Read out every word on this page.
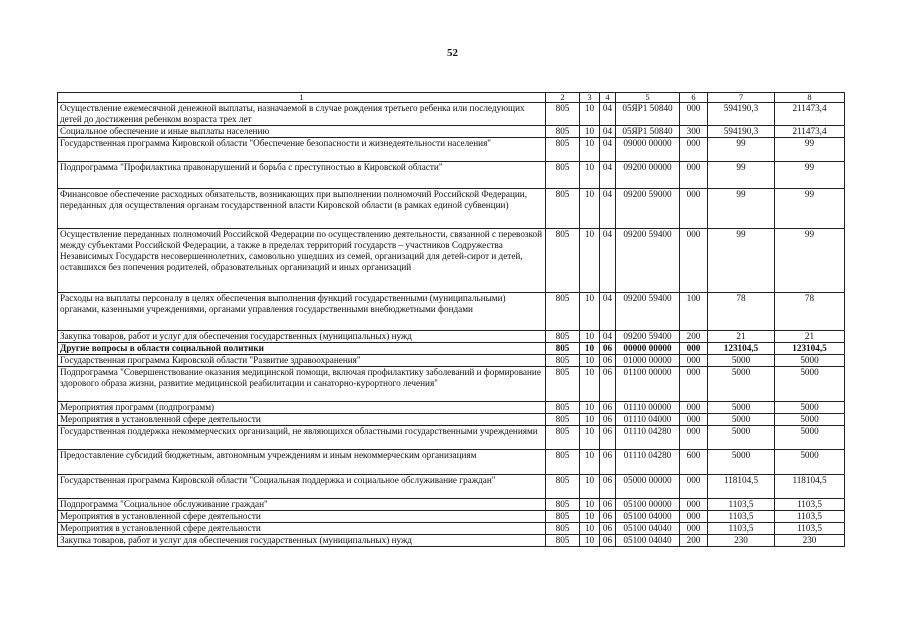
52
1	2	3	4	5	6	7	8
Осуществление ежемесячной денежной выплаты, назначаемой в случае рождения третьего ребенка или последующих детей до достижения ребенком возраста трех лет	805	10	04	05ЯР1 50840	000	594190,3	211473,4
Социальное обеспечение и иные выплаты населению	805	10	04	05ЯР1 50840	300	594190,3	211473,4
Государственная программа Кировской области "Обеспечение безопасности и жизнедеятельности населения"	805	10	04	09000 00000	000	99	99
Подпрограмма "Профилактика правонарушений и борьба с преступностью в Кировской области"	805	10	04	09200 00000	000	99	99
Финансовое обеспечение расходных обязательств, возникающих при выполнении полномочий Российской Федерации, переданных для осуществления органам государственной власти Кировской области (в рамках единой субвенции)	805	10	04	09200 59000	000	99	99
Осуществление переданных полномочий Российской Федерации по осуществлению деятельности, связанной с перевозкой между субъектами Российской Федерации, а также в пределах территорий государств – участников Содружества Независимых Государств несовершеннолетних, самовольно ушедших из семей, организаций для детей-сирот и детей, оставшихся без попечения родителей, образовательных организаций и иных организаций	805	10	04	09200 59400	000	99	99
Расходы на выплаты персоналу в целях обеспечения выполнения функций государственными (муниципальными) органами, казенными учреждениями, органами управления государственными внебюджетными фондами	805	10	04	09200 59400	100	78	78
Закупка товаров, работ и услуг для обеспечения государственных (муниципальных) нужд	805	10	04	09200 59400	200	21	21
Другие вопросы в области социальной политики	805	10	06	00000 00000	000	123104,5	123104,5
Государственная программа Кировской области "Развитие здравоохранения"	805	10	06	01000 00000	000	5000	5000
Подпрограмма "Совершенствование оказания медицинской помощи, включая профилактику заболеваний и формирование здорового образа жизни, развитие медицинской реабилитации и санаторно-курортного лечения"	805	10	06	01100 00000	000	5000	5000
Мероприятия программ (подпрограмм)	805	10	06	01110 00000	000	5000	5000
Мероприятия в установленной сфере деятельности	805	10	06	01110 04000	000	5000	5000
Государственная поддержка некоммерческих организаций, не являющихся областными государственными учреждениями	805	10	06	01110 04280	000	5000	5000
Предоставление субсидий бюджетным, автономным учреждениям и иным некоммерческим организациям	805	10	06	01110 04280	600	5000	5000
Государственная программа Кировской области "Социальная поддержка и социальное обслуживание граждан"	805	10	06	05000 00000	000	118104,5	118104,5
Подпрограмма "Социальное обслуживание граждан"	805	10	06	05100 00000	000	1103,5	1103,5
Мероприятия в установленной сфере деятельности	805	10	06	05100 04000	000	1103,5	1103,5
Мероприятия в установленной сфере деятельности	805	10	06	05100 04040	000	1103,5	1103,5
Закупка товаров, работ и услуг для обеспечения государственных (муниципальных) нужд	805	10	06	05100 04040	200	230	230
